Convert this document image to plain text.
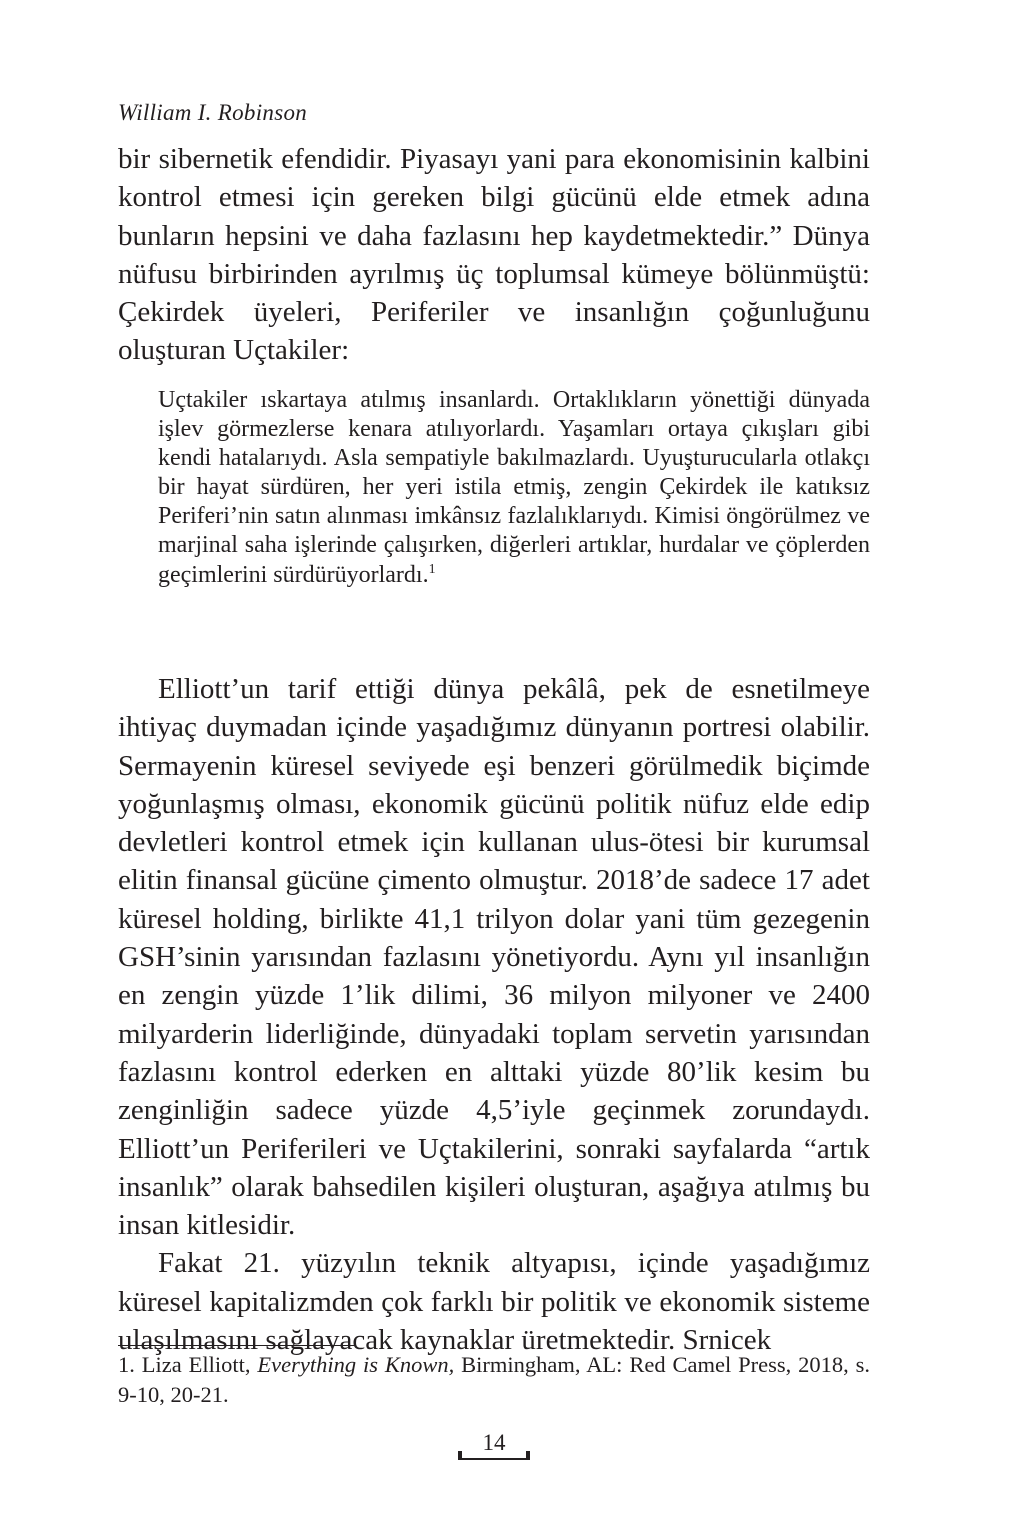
William I. Robinson

bir sibernetik efendidir. Piyasayı yani para ekonomisinin kalbini kontrol etmesi için gereken bilgi gücünü elde etmek adına bunların hepsini ve daha fazlasını hep kaydetmektedir.” Dünya nüfusu birbirinden ayrılmış üç toplumsal kümeye bölünmüştü: Çekirdek üyeleri, Periferiler ve insanlığın çoğunluğunu oluşturan Uçtakiler:

Uçtakiler ıskartaya atılmış insanlardı. Ortaklıkların yönettiği dünyada işlev görmezlerse kenara atılıyorlardı. Yaşamları ortaya çıkışları gibi kendi hatalarıydı. Asla sempatiyle bakılmazlardı. Uyuşturucularla otlakçı bir hayat sürdüren, her yeri istila etmiş, zengin Çekirdek ile katıksız Periferi’nin satın alınması imkânsız fazlalıklarıydı. Kimisi öngörülmez ve marjinal saha işlerinde çalışırken, diğerleri artıklar, hurdalar ve çöplerden geçimlerini sürdürüyorlardı.$^1$

Elliott’un tarif ettiği dünya pekâlâ, pek de esnetilmeye ihtiyaç duymadan içinde yaşadığımız dünyanın portresi olabilir. Sermayenin küresel seviyede eşi benzeri görülmedik biçimde yoğunlaşmış olması, ekonomik gücünü politik nüfuz elde edip devletleri kontrol etmek için kullanan ulus-ötesi bir kurumsal elitin finansal gücüne çimento olmuştur. 2018’de sadece 17 adet küresel holding, birlikte 41,1 trilyon dolar yani tüm gezegenin GSH’sinin yarısından fazlasını yönetiyordu. Aynı yıl insanlığın en zengin yüzde 1’lik dilimi, 36 milyon milyoner ve 2400 milyarderin liderliğinde, dünyadaki toplam servetin yarısından fazlasını kontrol ederken en alttaki yüzde 80’lik kesim bu zenginliğin sadece yüzde 4,5’iyle geçinmek zorundaydı. Elliott’un Periferileri ve Uçtakilerini, sonraki sayfalarda “artık insanlık” olarak bahsedilen kişileri oluşturan, aşağıya atılmış bu insan kitlesidir.

Fakat 21. yüzyılın teknik altyapısı, içinde yaşadığımız küresel kapitalizmden çok farklı bir politik ve ekonomik sisteme ulaşılmasını sağlayacak kaynaklar üretmektedir. Srnicek

1. Liza Elliott, Everything is Known, Birmingham, AL: Red Camel Press, 2018, s. 9-10, 20-21.
14
